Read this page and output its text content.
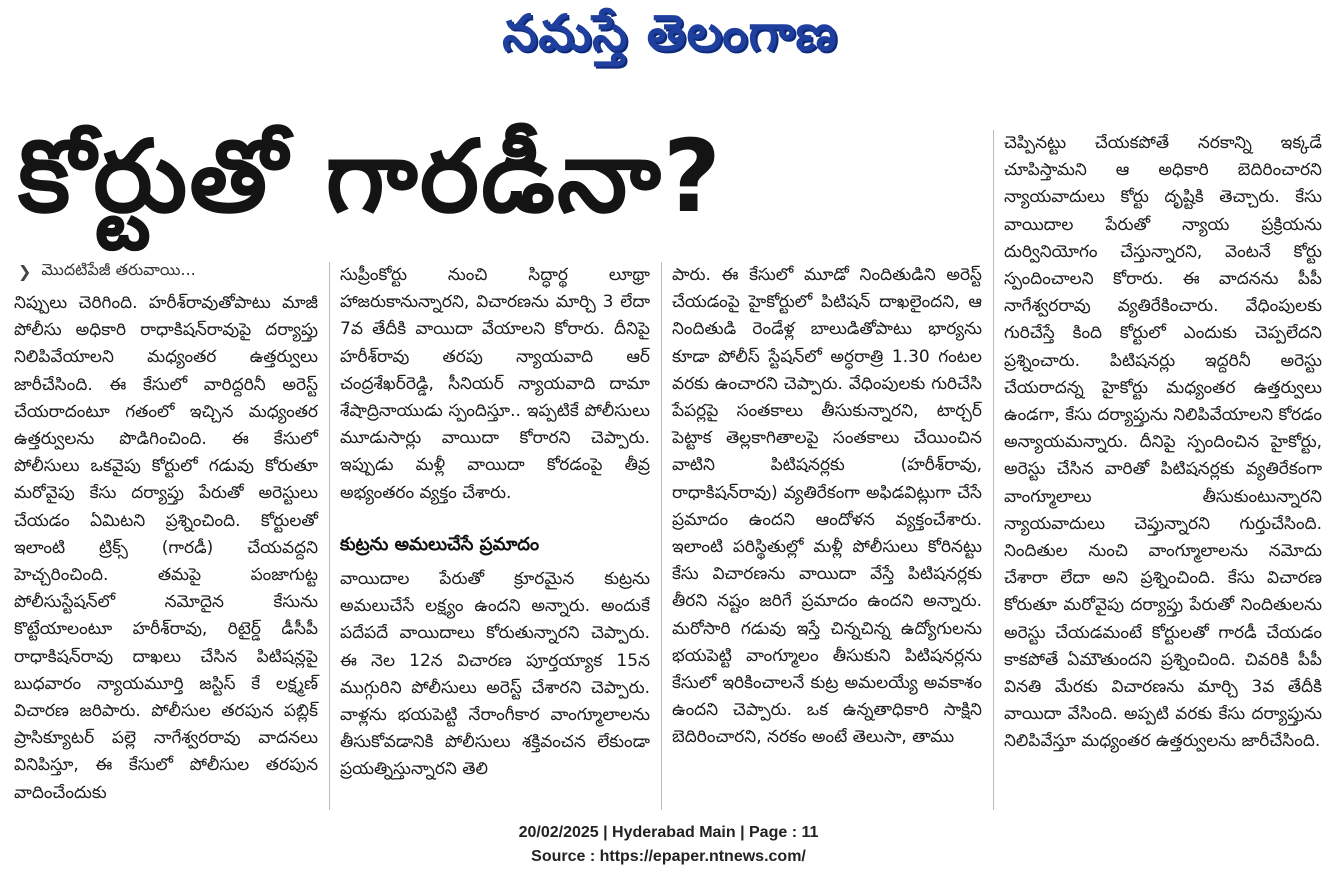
నమస్తే తెలంగాణ
కోర్టుతో గారడీనా?
❯ మొదటిపేజీ తరువాయి...
నిప్పులు చెరిగింది. హరీశ్‌రావుతోపాటు మాజీ పోలీసు అధికారి రాధాకిషన్‌రావుపై దర్యాప్తు నిలిపివేయాలని మధ్యంతర ఉత్తర్వులు జారీచేసింది. ఈ కేసులో వారిద్దరినీ అరెస్ట్‌ చేయరాదంటూ గతంలో ఇచ్చిన మధ్యంతర ఉత్తర్వులను పొడిగించింది. ఈ కేసులో పోలీసులు ఒకవైపు కోర్టులో గడువు కోరుతూ మరోవైపు కేసు దర్యాప్తు పేరుతో అరెస్టులు చేయడం ఏమిటని ప్రశ్నించింది. కోర్టులతో ఇలాంటి ట్రిక్స్‌ (గారడీ) చేయవద్దని హెచ్చరించింది. తమపై పంజాగుట్ట పోలీసుస్టేషన్‌లో నమోదైన కేసును కొట్టేయాలంటూ హరీశ్‌రావు, రిటైర్డ్‌ డీసీపీ రాధాకిషన్‌రావు దాఖలు చేసిన పిటిషన్లపై బుధవారం న్యాయమూర్తి జస్టిస్‌ కే లక్ష్మణ్‌ విచారణ జరిపారు. పోలీసుల తరపున పబ్లిక్‌ ప్రాసిక్యూటర్‌ పల్లె నాగేశ్వరరావు వాదనలు వినిపిస్తూ, ఈ కేసులో పోలీసుల తరపున వాదించేందుకు
సుప్రీంకోర్టు నుంచి సిద్ధార్థ లూథ్రా హాజరుకానున్నారని, విచారణను మార్చి 3 లేదా 7వ తేదీకి వాయిదా వేయాలని కోరారు. దీనిపై హరీశ్‌రావు తరపు న్యాయవాది ఆర్‌ చంద్రశేఖర్‌రెడ్డి, సీనియర్‌ న్యాయవాది దామా శేషాద్రినాయుడు స్పందిస్తూ.. ఇప్పటికే పోలీసులు మూడుసార్లు వాయిదా కోరారని చెప్పారు. ఇప్పుడు మళ్లీ వాయిదా కోరడంపై తీవ్ర అభ్యంతరం వ్యక్తం చేశారు.
కుట్రను అమలుచేసే ప్రమాదం
వాయిదాల పేరుతో క్రూరమైన కుట్రను అమలుచేసే లక్ష్యం ఉందని అన్నారు. అందుకే పదేపదే వాయిదాలు కోరుతున్నారని చెప్పారు. ఈ నెల 12న విచారణ పూర్తయ్యాక 15న ముగ్గురిని పోలీసులు అరెస్ట్‌ చేశారని చెప్పారు. వాళ్లను భయపెట్టి నేరాంగీకార వాంగ్మూలాలను తీసుకోవడానికి పోలీసులు శక్తివంచన లేకుండా ప్రయత్నిస్తున్నారని తెలి
పారు. ఈ కేసులో మూడో నిందితుడిని అరెస్ట్‌ చేయడంపై హైకోర్టులో పిటిషన్‌ దాఖలైందని, ఆ నిందితుడి రెండేళ్ల బాలుడితోపాటు భార్యను కూడా పోలీస్‌ స్టేషన్‌లో అర్ధరాత్రి 1.30 గంటల వరకు ఉంచారని చెప్పారు. వేధింపులకు గురిచేసి పేపర్లపై సంతకాలు తీసుకున్నారని, టార్చర్‌ పెట్టాక తెల్లకాగితాలపై సంతకాలు చేయించిన వాటిని పిటిషనర్లకు (హరీశ్‌రావు, రాధాకిషన్‌రావు) వ్యతిరేకంగా అఫిడవిట్లుగా చేసే ప్రమాదం ఉందని ఆందోళన వ్యక్తంచేశారు. ఇలాంటి పరిస్థితుల్లో మళ్లీ పోలీసులు కోరినట్టు కేసు విచారణను వాయిదా వేస్తే పిటిషనర్లకు తీరని నష్టం జరిగే ప్రమాదం ఉందని అన్నారు. మరోసారి గడువు ఇస్తే చిన్నచిన్న ఉద్యోగులను భయపెట్టి వాంగ్మూలం తీసుకుని పిటిషనర్లను కేసులో ఇరికించాలనే కుట్ర అమలయ్యే అవకాశం ఉందని చెప్పారు. ఒక ఉన్నతాధికారి సాక్షిని బెదిరించారని, నరకం అంటే తెలుసా, తాము
చెప్పినట్టు చేయకపోతే నరకాన్ని ఇక్కడే చూపిస్తామని ఆ అధికారి బెదిరించారని న్యాయవాదులు కోర్టు దృష్టికి తెచ్చారు. కేసు వాయిదాల పేరుతో న్యాయ ప్రక్రియను దుర్వినియోగం చేస్తున్నారని, వెంటనే కోర్టు స్పందించాలని కోరారు. ఈ వాదనను పీపీ నాగేశ్వరరావు వ్యతిరేకించారు. వేధింపులకు గురిచేస్తే కింది కోర్టులో ఎందుకు చెప్పలేదని ప్రశ్నించారు. పిటిషనర్లు ఇద్దరినీ అరెస్టు చేయరాదన్న హైకోర్టు మధ్యంతర ఉత్తర్వులు ఉండగా, కేసు దర్యాప్తును నిలిపివేయాలని కోరడం అన్యాయమన్నారు. దీనిపై స్పందించిన హైకోర్టు, అరెస్టు చేసిన వారితో పిటిషనర్లకు వ్యతిరేకంగా వాంగ్మూలాలు తీసుకుంటున్నారని న్యాయవాదులు చెప్తున్నారని గుర్తుచేసింది. నిందితుల నుంచి వాంగ్మూలాలను నమోదు చేశారా లేదా అని ప్రశ్నించింది. కేసు విచారణ కోరుతూ మరోవైపు దర్యాప్తు పేరుతో నిందితులను అరెస్టు చేయడమంటే కోర్టులతో గారడీ చేయడం కాకపోతే ఏమౌతుందని ప్రశ్నించింది. చివరికి పీపీ వినతి మేరకు విచారణను మార్చి 3వ తేదీకి వాయిదా వేసింది. అప్పటి వరకు కేసు దర్యాప్తును నిలిపివేస్తూ మధ్యంతర ఉత్తర్వులను జారీచేసింది.
20/02/2025 | Hyderabad Main | Page : 11
Source : https://epaper.ntnews.com/
